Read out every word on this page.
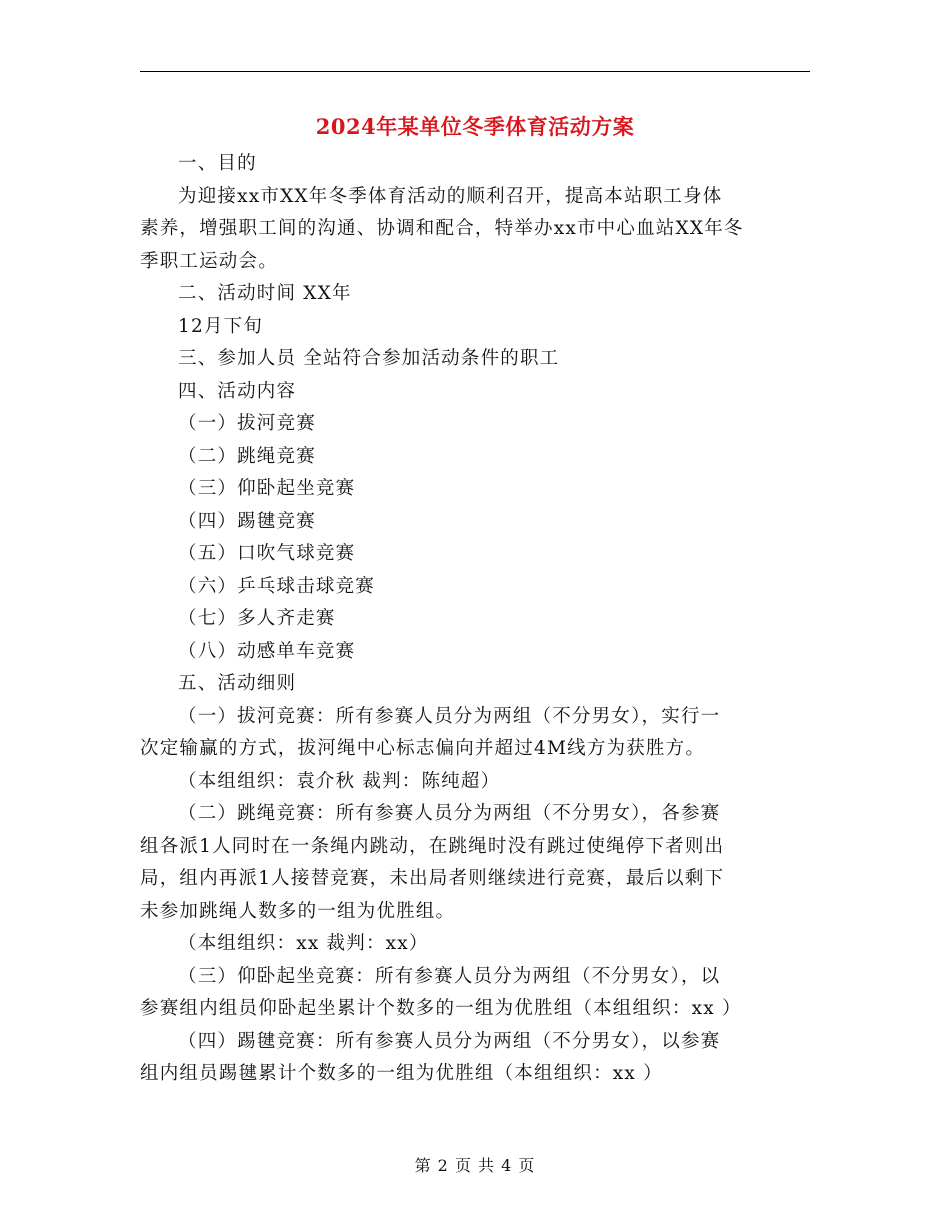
2024年某单位冬季体育活动方案

一、目的

为迎接xx市XX年冬季体育活动的顺利召开，提高本站职工身体

素养，增强职工间的沟通、协调和配合，特举办xx市中心血站XX年冬

季职工运动会。

二、活动时间 XX年

12月下旬

三、参加人员 全站符合参加活动条件的职工

四、活动内容

（一）拔河竞赛

（二）跳绳竞赛

（三）仰卧起坐竞赛

（四）踢毽竞赛

（五）口吹气球竞赛

（六）乒乓球击球竞赛

（七）多人齐走赛

（八）动感单车竞赛

五、活动细则

（一）拔河竞赛：所有参赛人员分为两组（不分男女），实行一

次定输赢的方式，拔河绳中心标志偏向并超过4M线方为获胜方。

（本组组织：袁介秋 裁判：陈纯超）

（二）跳绳竞赛：所有参赛人员分为两组（不分男女），各参赛

组各派1人同时在一条绳内跳动，在跳绳时没有跳过使绳停下者则出

局，组内再派1人接替竞赛，未出局者则继续进行竞赛，最后以剩下

未参加跳绳人数多的一组为优胜组。

（本组组织：xx 裁判：xx）

（三）仰卧起坐竞赛：所有参赛人员分为两组（不分男女），以

参赛组内组员仰卧起坐累计个数多的一组为优胜组（本组组织：xx ）

（四）踢毽竞赛：所有参赛人员分为两组（不分男女），以参赛

组内组员踢毽累计个数多的一组为优胜组（本组组织：xx ）

第 2 页 共 4 页
